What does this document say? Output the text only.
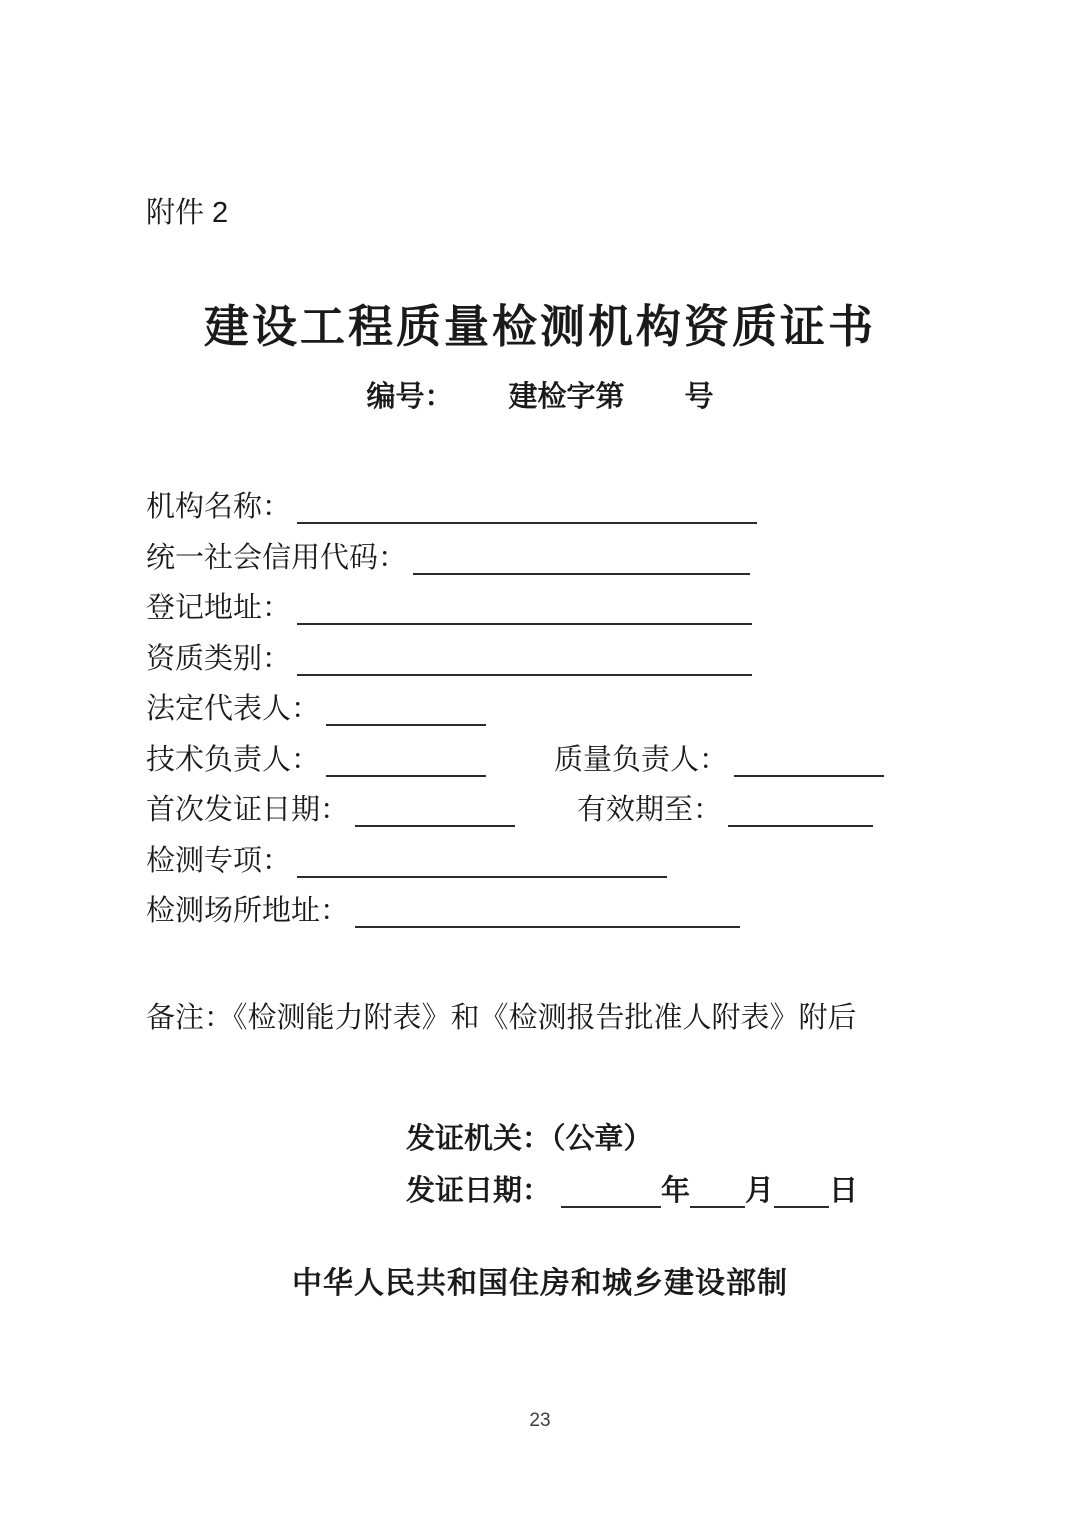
附件 2
建设工程质量检测机构资质证书
编号： 建检字第 号
机构名称：
统一社会信用代码：
登记地址：
资质类别：
法定代表人：
技术负责人：	质量负责人：
首次发证日期：	有效期至：
检测专项：
检测场所地址：
备注：《检测能力附表》和《检测报告批准人附表》附后
发证机关：（公章）
发证日期：	年 月 日
中华人民共和国住房和城乡建设部制
23
